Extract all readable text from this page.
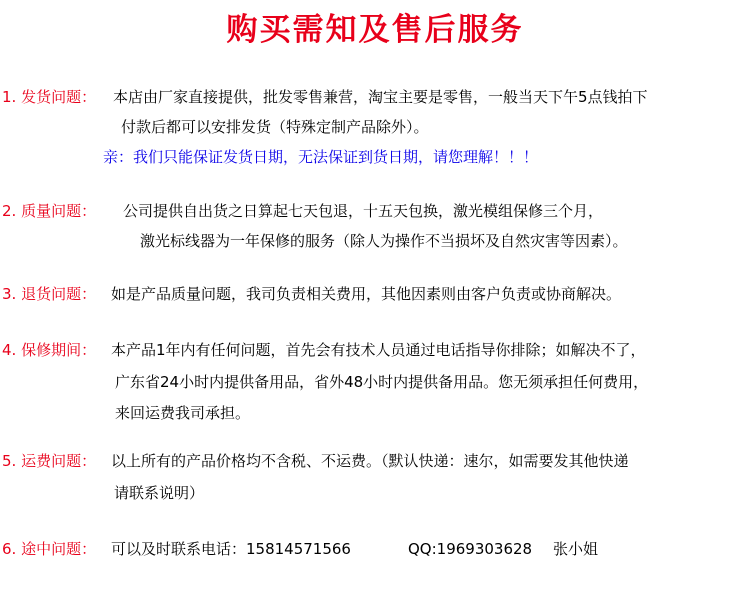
购买需知及售后服务
1. 发货问题： 本店由厂家直接提供，批发零售兼营，淘宝主要是零售，一般当天下午5点钱拍下
付款后都可以安排发货（特殊定制产品除外）。
亲：我们只能保证发货日期，无法保证到货日期，请您理解！！！
2. 质量问题： 公司提供自出货之日算起七天包退，十五天包换，激光模组保修三个月，
激光标线器为一年保修的服务（除人为操作不当损坏及自然灾害等因素）。
3. 退货问题： 如是产品质量问题，我司负责相关费用，其他因素则由客户负责或协商解决。
4. 保修期间： 本产品1年内有任何问题，首先会有技术人员通过电话指导你排除；如解决不了，
广东省24小时内提供备用品，省外48小时内提供备用品。您无须承担任何费用，
来回运费我司承担。
5. 运费问题： 以上所有的产品价格均不含税、不运费。（默认快递：速尔，如需要发其他快递
请联系说明）
6. 途中问题： 可以及时联系电话：15814571566	QQ:1969303628 张小姐
